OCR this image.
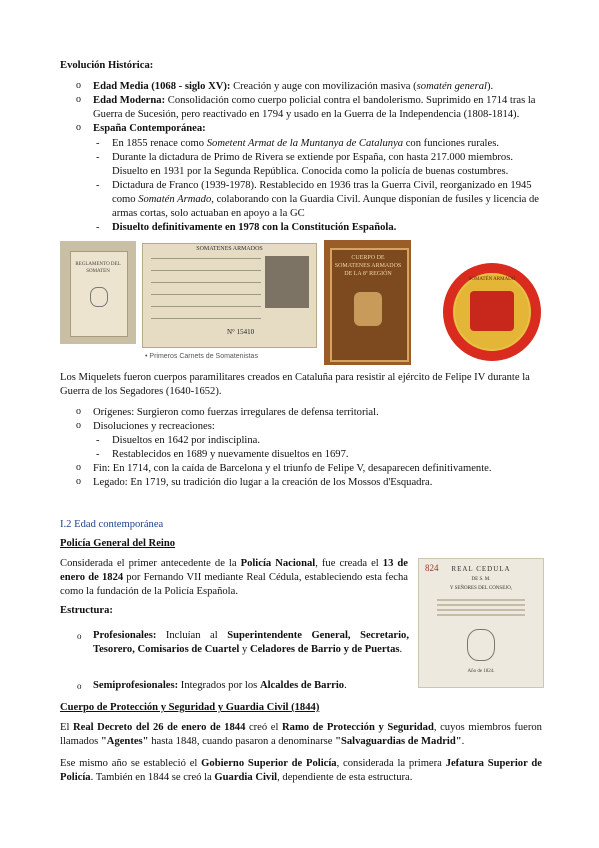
Evolución Histórica:
o Edad Media (1068 - siglo XV): Creación y auge con movilización masiva (somatén general).
o Edad Moderna: Consolidación como cuerpo policial contra el bandolerismo. Suprimido en 1714 tras la Guerra de Sucesión, pero reactivado en 1794 y usado en la Guerra de la Independencia (1808-1814).
o España Contemporánea:
- En 1855 renace como Sometent Armat de la Muntanya de Catalunya con funciones rurales.
- Durante la dictadura de Primo de Rivera se extiende por España, con hasta 217.000 miembros. Disuelto en 1931 por la Segunda República. Conocida como la policía de buenas costumbres.
- Dictadura de Franco (1939-1978). Restablecido en 1936 tras la Guerra Civil, reorganizado en 1945 como Somatén Armado, colaborando con la Guardia Civil. Aunque disponían de fusiles y licencia de armas cortas, solo actuaban en apoyo a la GC
- Disuelto definitivamente en 1978 con la Constitución Española.
REGLAMENTO DEL SOMATEN
SOMATENES ARMADOS
N° 15410
• Primeros Carnets de Somatenistas
CUERPO DE SOMATENES ARMADOS DE LA 8ª REGIÓN
SOMATÉN ARMADO
Los Miquelets fueron cuerpos paramilitares creados en Cataluña para resistir al ejército de Felipe IV durante la Guerra de los Segadores (1640-1652).
o Orígenes: Surgieron como fuerzas irregulares de defensa territorial.
o Disoluciones y recreaciones:
- Disueltos en 1642 por indisciplina.
- Restablecidos en 1689 y nuevamente disueltos en 1697.
o Fin: En 1714, con la caída de Barcelona y el triunfo de Felipe V, desaparecen definitivamente.
o Legado: En 1719, su tradición dio lugar a la creación de los Mossos d'Esquadra.
I.2 Edad contemporánea
Policía General del Reino
Considerada el primer antecedente de la Policía Nacional, fue creada el 13 de enero de 1824 por Fernando VII mediante Real Cédula, estableciendo esta fecha como la fundación de la Policía Española.
Estructura:
o Profesionales: Incluían al Superintendente General, Secretario, Tesorero, Comisarios de Cuartel y Celadores de Barrio y de Puertas.
o Semiprofesionales: Integrados por los Alcaldes de Barrio.
824	REAL CEDULA
DE S. M.
Y SEÑORES DEL CONSEJO,
Año de 1824.
Cuerpo de Protección y Seguridad y Guardia Civil (1844)
El Real Decreto del 26 de enero de 1844 creó el Ramo de Protección y Seguridad, cuyos miembros fueron llamados "Agentes" hasta 1848, cuando pasaron a denominarse "Salvaguardias de Madrid".
Ese mismo año se estableció el Gobierno Superior de Policía, considerada la primera Jefatura Superior de Policía. También en 1844 se creó la Guardia Civil, dependiente de esta estructura.
